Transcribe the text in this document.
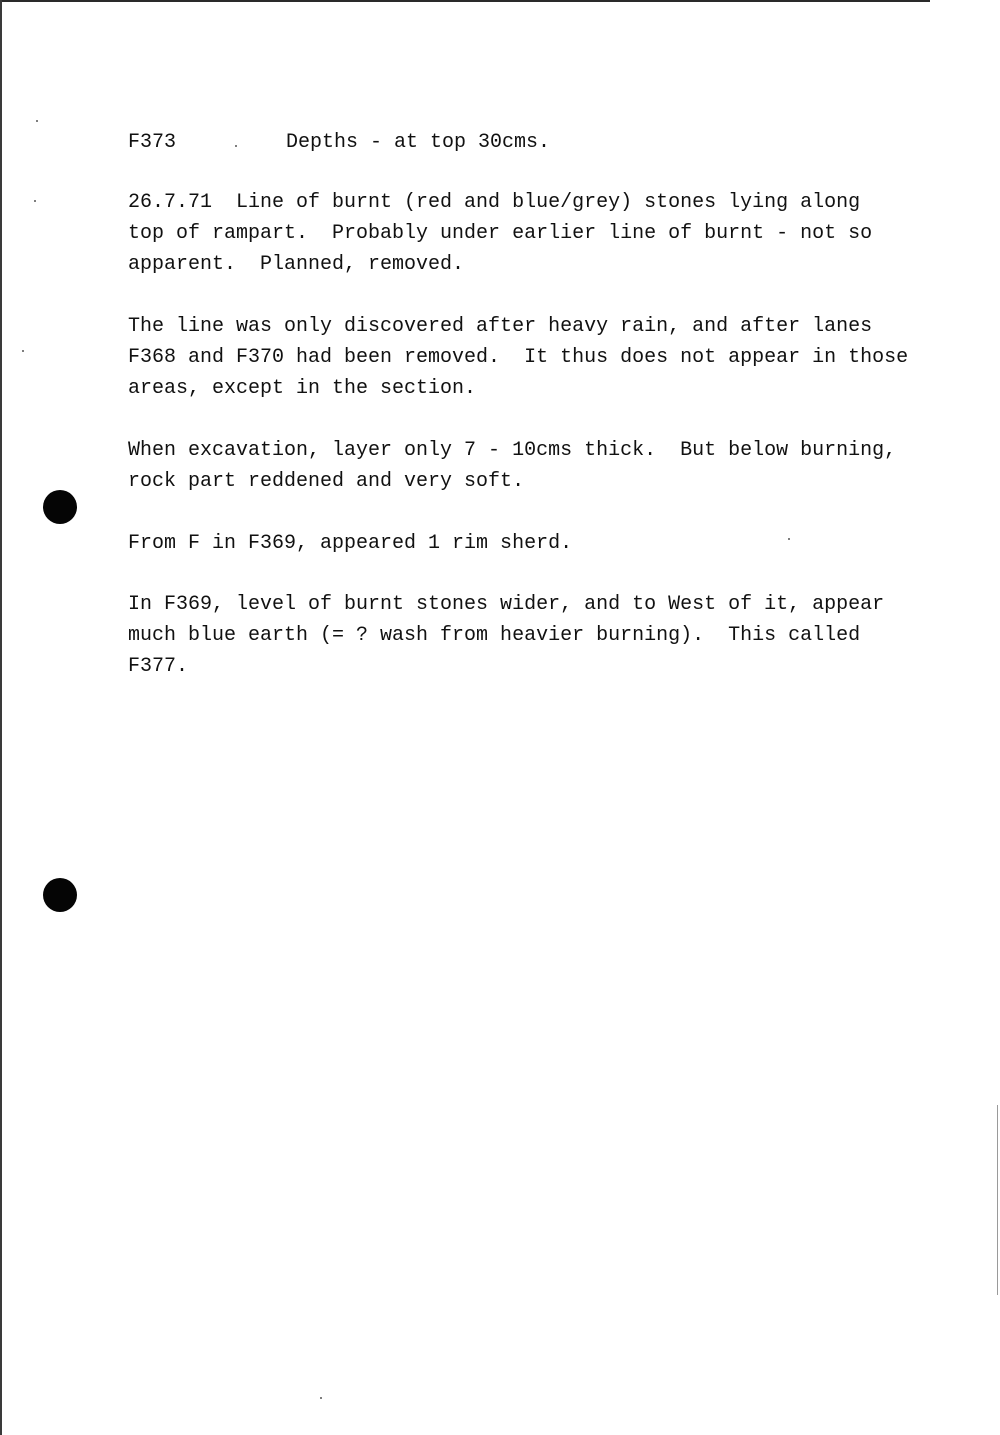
F373

	Depths - at top 30cms.

26.7.71  Line of burnt (red and blue/grey) stones lying along
top of rampart.  Probably under earlier line of burnt - not so
apparent.  Planned, removed.

The line was only discovered after heavy rain, and after lanes
F368 and F370 had been removed.  It thus does not appear in those
areas, except in the section.

When excavation, layer only 7 - 10cms thick.  But below burning,
rock part reddened and very soft.

From F in F369, appeared 1 rim sherd.

In F369, level of burnt stones wider, and to West of it, appear
much blue earth (= ? wash from heavier burning).  This called
F377.
